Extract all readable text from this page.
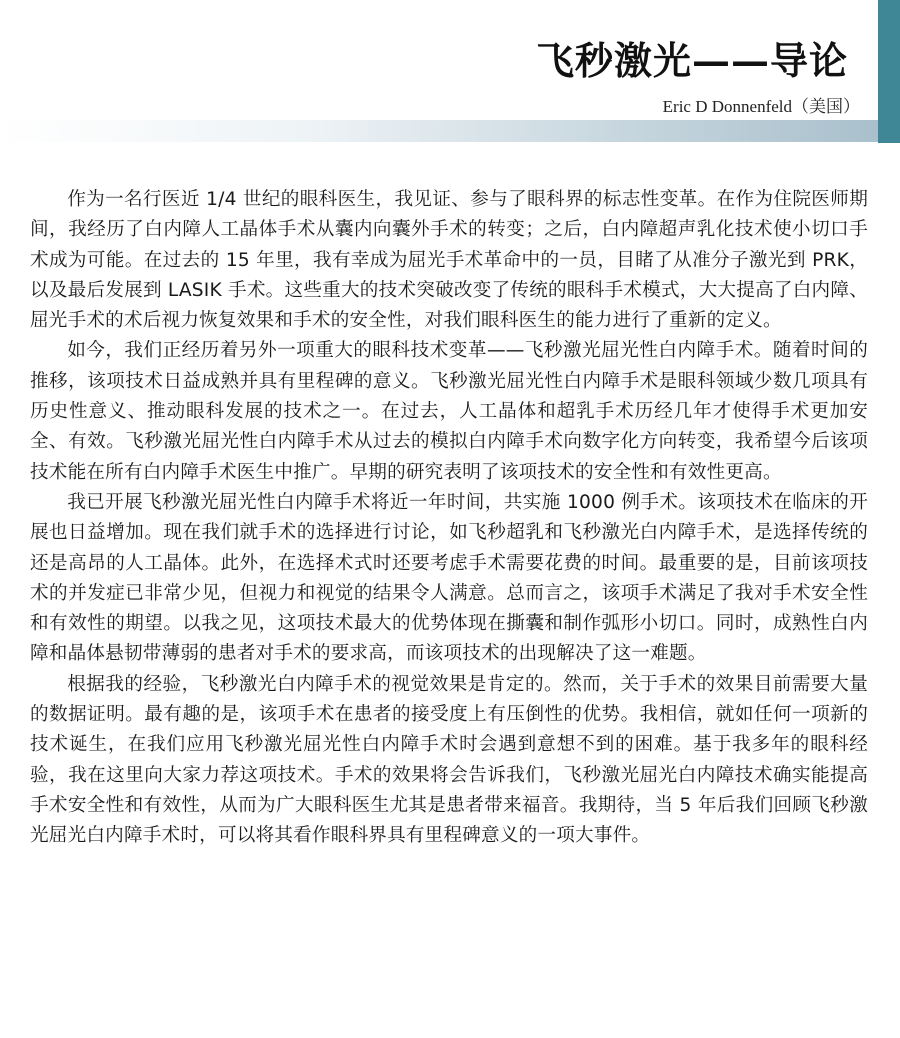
飞秒激光——导论
Eric D Donnenfeld（美国）

作为一名行医近 1/4 世纪的眼科医生，我见证、参与了眼科界的标志性变革。在作为住院医师期间，我经历了白内障人工晶体手术从囊内向囊外手术的转变；之后，白内障超声乳化技术使小切口手术成为可能。在过去的 15 年里，我有幸成为屈光手术革命中的一员，目睹了从准分子激光到 PRK，以及最后发展到 LASIK 手术。这些重大的技术突破改变了传统的眼科手术模式，大大提高了白内障、屈光手术的术后视力恢复效果和手术的安全性，对我们眼科医生的能力进行了重新的定义。

如今，我们正经历着另外一项重大的眼科技术变革——飞秒激光屈光性白内障手术。随着时间的推移，该项技术日益成熟并具有里程碑的意义。飞秒激光屈光性白内障手术是眼科领域少数几项具有历史性意义、推动眼科发展的技术之一。在过去，人工晶体和超乳手术历经几年才使得手术更加安全、有效。飞秒激光屈光性白内障手术从过去的模拟白内障手术向数字化方向转变，我希望今后该项技术能在所有白内障手术医生中推广。早期的研究表明了该项技术的安全性和有效性更高。

我已开展飞秒激光屈光性白内障手术将近一年时间，共实施 1000 例手术。该项技术在临床的开展也日益增加。现在我们就手术的选择进行讨论，如飞秒超乳和飞秒激光白内障手术，是选择传统的还是高昂的人工晶体。此外，在选择术式时还要考虑手术需要花费的时间。最重要的是，目前该项技术的并发症已非常少见，但视力和视觉的结果令人满意。总而言之，该项手术满足了我对手术安全性和有效性的期望。以我之见，这项技术最大的优势体现在撕囊和制作弧形小切口。同时，成熟性白内障和晶体悬韧带薄弱的患者对手术的要求高，而该项技术的出现解决了这一难题。

根据我的经验，飞秒激光白内障手术的视觉效果是肯定的。然而，关于手术的效果目前需要大量的数据证明。最有趣的是，该项手术在患者的接受度上有压倒性的优势。我相信，就如任何一项新的技术诞生，在我们应用飞秒激光屈光性白内障手术时会遇到意想不到的困难。基于我多年的眼科经验，我在这里向大家力荐这项技术。手术的效果将会告诉我们，飞秒激光屈光白内障技术确实能提高手术安全性和有效性，从而为广大眼科医生尤其是患者带来福音。我期待，当 5 年后我们回顾飞秒激光屈光白内障手术时，可以将其看作眼科界具有里程碑意义的一项大事件。
